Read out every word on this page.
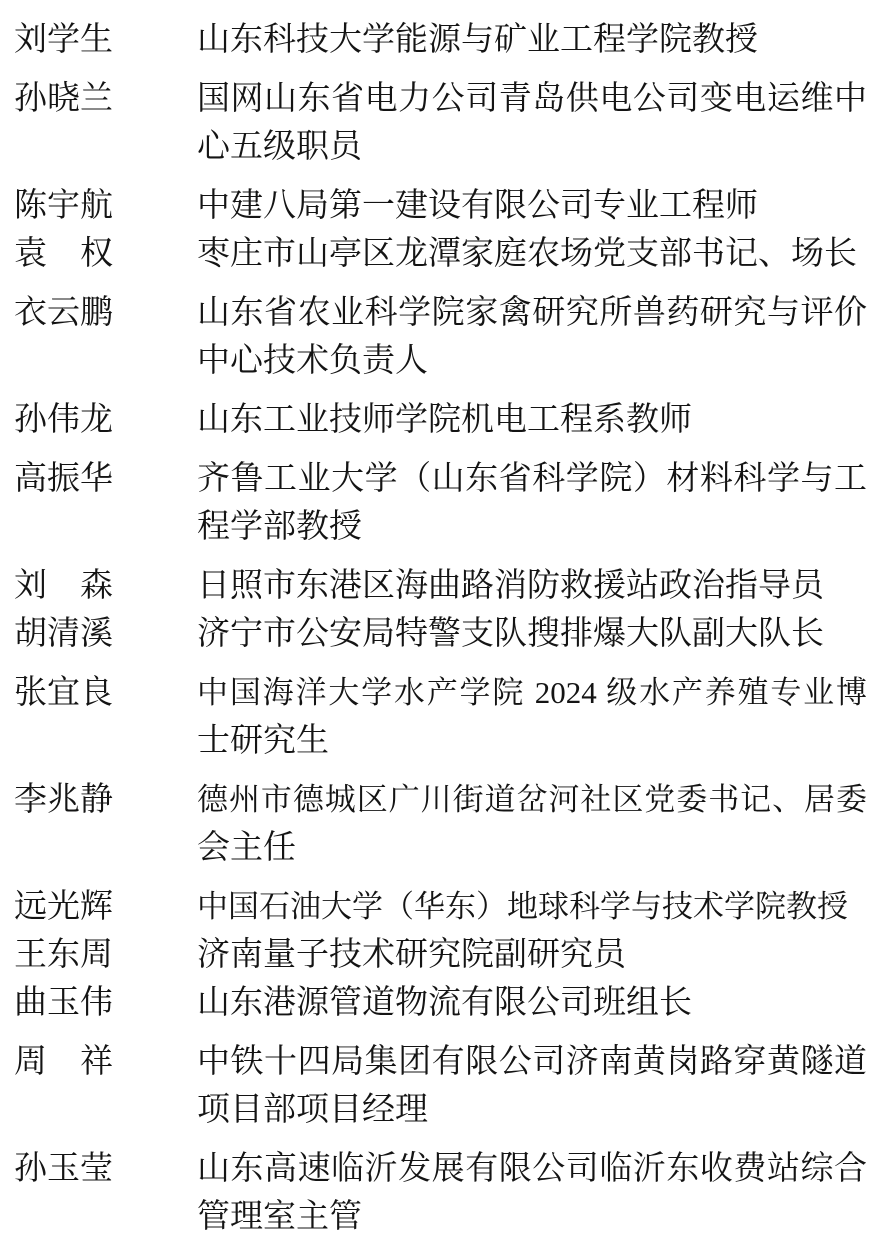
刘学生	山东科技大学能源与矿业工程学院教授
孙晓兰	国网山东省电力公司青岛供电公司变电运维中
心五级职员
陈宇航	中建八局第一建设有限公司专业工程师
袁权	枣庄市山亭区龙潭家庭农场党支部书记、场长
衣云鹏	山东省农业科学院家禽研究所兽药研究与评价
中心技术负责人
孙伟龙	山东工业技师学院机电工程系教师
高振华	齐鲁工业大学（山东省科学院）材料科学与工
程学部教授
刘森	日照市东港区海曲路消防救援站政治指导员
胡清溪	济宁市公安局特警支队搜排爆大队副大队长
张宜良	中国海洋大学水产学院 2024 级水产养殖专业博
士研究生
李兆静	德州市德城区广川街道岔河社区党委书记、居委
会主任
远光辉	中国石油大学（华东）地球科学与技术学院教授
王东周	济南量子技术研究院副研究员
曲玉伟	山东港源管道物流有限公司班组长
周祥	中铁十四局集团有限公司济南黄岗路穿黄隧道
项目部项目经理
孙玉莹	山东高速临沂发展有限公司临沂东收费站综合
管理室主管
